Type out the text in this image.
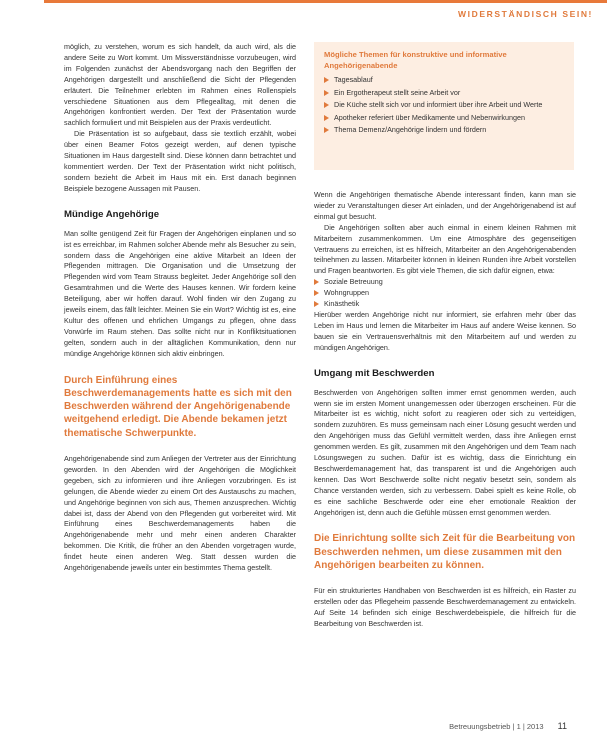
WIDERSTÄNDISCH SEIN!

möglich, zu verstehen, worum es sich handelt, da auch wird, als die andere Seite zu Wort kommt. Um Missverständnisse vorzubeugen, wird im Folgenden zunächst der Abendsvorgang nach den Begriffen der Angehörigen dargestellt und anschließend die Sicht der Pflegenden erläutert. Die Teilnehmer erlebten im Rahmen eines Rollenspiels verschiedene Situationen aus dem Pflegealltag, mit denen die Angehörigen konfrontiert werden. Der Text der Präsentation wurde sachlich formuliert und mit Beispielen aus der Praxis verdeutlicht.

Die Präsentation ist so aufgebaut, dass sie textlich erzählt, wobei über einen Beamer Fotos gezeigt werden, auf denen typische Situationen im Haus dargestellt sind. Diese können dann betrachtet und kommentiert werden. Der Text der Präsentation wirkt nicht politisch, sondern bezieht die Arbeit im Haus mit ein. Erst danach beginnen Beispiele bezogene Aussagen mit Pausen.

Mündige Angehörige

Man sollte genügend Zeit für Fragen der Angehörigen einplanen und so ist es erreichbar, im Rahmen solcher Abende mehr als Besucher zu sein, sondern dass die Angehörigen eine aktive Mitarbeit an Ideen der Pflegenden mittragen. Die Organisation und die Umsetzung der Pflegenden wird vom Team Strauss begleitet. Jeder Angehörige soll den Gesamtrahmen und die Werte des Hauses kennen. Wir fordern keine Beteiligung, aber wir hoffen darauf. Wohl finden wir den Zugang zu jeweils einem, das fällt leichter. Meinen Sie ein Wort? Wichtig ist es, eine Kultur des offenen und ehrlichen Umgangs zu pflegen, ohne dass Vorwürfe im Raum stehen. Das sollte nicht nur in Konfliktsituationen gelten, sondern auch in der alltäglichen Kommunikation, denn nur mündige Angehörige können sich aktiv einbringen.

Durch Einführung eines Beschwerdemanagements hatte es sich mit den Beschwerden während der Angehörigenabende weitgehend erledigt. Die Abende bekamen jetzt thematische Schwerpunkte.

Angehörigenabende sind zum Anliegen der Vertreter aus der Einrichtung geworden. In den Abenden wird der Angehörigen die Möglichkeit gegeben, sich zu informieren und ihre Anliegen vorzubringen. Es ist gelungen, die Abende wieder zu einem Ort des Austauschs zu machen, und Angehörige beginnen von sich aus, Themen anzusprechen. Wichtig dabei ist, dass der Abend von den Pflegenden gut vorbereitet wird. Mit Einführung eines Beschwerdemanagements haben die Angehörigenabende mehr und mehr einen anderen Charakter bekommen. Die Kritik, die früher an den Abenden vorgetragen wurde, findet heute einen anderen Weg. Statt dessen wurden die Angehörigenabende jeweils unter ein bestimmtes Thema gestellt.

Mögliche Themen für konstruktive und informative Angehörigenabende
Tagesablauf
Ein Ergotherapeut stellt seine Arbeit vor
Die Küche stellt sich vor und informiert über ihre Arbeit und Werte
Apotheker referiert über Medikamente und Nebenwirkungen
Thema Demenz/Angehörige lindern und fördern

Wenn die Angehörigen thematische Abende interessant finden, kann man sie wieder zu Veranstaltungen dieser Art einladen, und der Angehörigenabend ist auf einmal gut besucht.

Die Angehörigen sollten aber auch einmal in einem kleinen Rahmen mit Mitarbeitern zusammenkommen. Um eine Atmosphäre des gegenseitigen Vertrauens zu erreichen, ist es hilfreich, Mitarbeiter an den Angehörigenabenden teilnehmen zu lassen. Mitarbeiter können in kleinen Runden ihre Arbeit vorstellen und Fragen beantworten. Es gibt viele Themen, die sich dafür eignen, etwa:

Soziale Betreuung
Wohngruppen
Kinästhetik

Hierüber werden Angehörige nicht nur informiert, sie erfahren mehr über das Leben im Haus und lernen die Mitarbeiter im Haus auf andere Weise kennen. So bauen sie ein Vertrauensverhältnis mit den Mitarbeitern auf und werden zu mündigen Angehörigen.

Umgang mit Beschwerden

Beschwerden von Angehörigen sollten immer ernst genommen werden, auch wenn sie im ersten Moment unangemessen oder überzogen erscheinen. Für die Mitarbeiter ist es wichtig, nicht sofort zu reagieren oder sich zu verteidigen, sondern zuzuhören. Es muss gemeinsam nach einer Lösung gesucht werden und den Angehörigen muss das Gefühl vermittelt werden, dass ihre Anliegen ernst genommen werden. Es gilt, zusammen mit den Angehörigen und dem Team nach Lösungswegen zu suchen. Dafür ist es wichtig, dass die Einrichtung ein Beschwerdemanagement hat, das transparent ist und die Angehörigen auch kennen. Das Wort Beschwerde sollte nicht negativ besetzt sein, sondern als Chance verstanden werden, sich zu verbessern. Dabei spielt es keine Rolle, ob es eine sachliche Beschwerde oder eine eher emotionale Reaktion der Angehörigen ist, denn auch die Gefühle müssen ernst genommen werden.

Die Einrichtung sollte sich Zeit für die Bearbeitung von Beschwerden nehmen, um diese zusammen mit den Angehörigen bearbeiten zu können.

Für ein strukturiertes Handhaben von Beschwerden ist es hilfreich, ein Raster zu erstellen oder das Pflegeheim passende Beschwerdemanagement zu entwickeln. Auf Seite 14 befinden sich einige Beschwerdebeispiele, die hilfreich für die Bearbeitung von Beschwerden ist.

Betreuungsbetrieb | 1 | 2013 11
